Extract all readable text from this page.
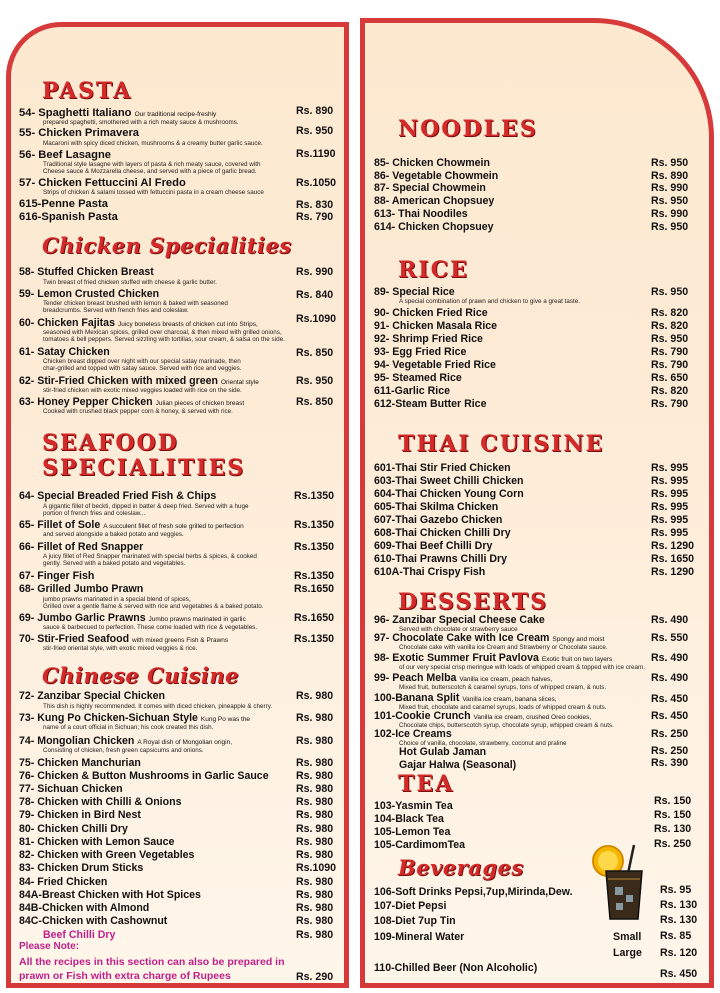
PASTA
54- Spaghetti Italiano Our traditional recipe-freshly
prepared spaghetti, smothered with a rich meaty sauce & mushrooms.
Rs. 890
55- Chicken Primavera
Macaroni with spicy diced chicken, mushrooms & a creamy butter garlic sauce.
Rs. 950
56- Beef Lasagne
Traditional style lasagne with layers of pasta & rich meaty sauce, covered with
Cheese sauce & Mozzarella cheese, and served with a piece of garlic bread.
Rs.1190
57- Chicken Fettuccini Al Fredo
Strips of chicken & salami tossed with fettuccini pasta in a cream cheese sauce
Rs.1050
615-Penne Pasta	Rs. 830
616-Spanish Pasta	Rs. 790
Chicken Specialities
58- Stuffed Chicken Breast
Twin breast of fried chicken stuffed with cheese & garlic butter.
Rs. 990
59- Lemon Crusted Chicken
Tender chicken breast brushed with lemon & baked with seasoned
breadcrumbs. Served with french fries and coleslaw.
Rs. 840
60- Chicken Fajitas Juicy boneless breasts of chicken cut into Strips,
seasoned with Mexican spices, grilled over charcoal, & then mixed with grilled onions,
tomatoes & bell peppers. Served sizzling with tortillas, sour cream, & salsa on the side.
Rs.1090
61- Satay Chicken
Chicken breast dipped over night with our special satay marinade, then
char-grilled and topped with satay sauce. Served with rice and veggies.
Rs. 850
62- Stir-Fried Chicken with mixed green Oriental style
stir-fried chicken with exotic mixed veggies loaded with rice on the side.
Rs. 950
63- Honey Pepper Chicken Julian pieces of chicken breast
Cooked with crushed black pepper corn & honey, & served with rice.
Rs. 850
SEAFOOD
SPECIALITIES
64- Special Breaded Fried Fish & Chips
A gigantic fillet of beckti, dipped in batter & deep fried. Served with a huge
portion of french fries and coleslaw...
Rs.1350
65- Fillet of Sole A succulent fillet of fresh sole grilled to perfection
and served alongside a baked potato and veggies.
Rs.1350
66- Fillet of Red Snapper
A juicy fillet of Red Snapper marinated with special herbs & spices, & cooked
gently. Served with a baked potato and vegetables.
Rs.1350
67- Finger Fish	Rs.1350
68- Grilled Jumbo Prawn
jumbo prawns marinated in a special blend of spices,
Grilled over a gentle flame & served with rice and vegetables & a baked potato.
Rs.1650
69- Jumbo Garlic Prawns Jumbo prawns marinated in garlic
sauce & barbecued to perfection. These come loaded with rice & vegetables.
Rs.1650
70- Stir-Fried Seafood with mixed greens Fish & Prawns
stir-fried oriental style, with exotic mixed veggies & rice.
Rs.1350
Chinese Cuisine
72- Zanzibar Special Chicken
This dish is highly recommended. It comes with diced chicken, pineapple & cherry.
Rs. 980
73- Kung Po Chicken-Sichuan Style Kung Po was the
name of a court official in Sichuan; his cook created this dish.
Rs. 980
74- Mongolian Chicken A Royal dish of Mongolian origin,
Consisting of chicken, fresh green capsicums and onions.
Rs. 980
75- Chicken Manchurian	Rs. 980
76- Chicken & Button Mushrooms in Garlic Sauce	Rs. 980
77- Sichuan Chicken	Rs. 980
78- Chicken with Chilli & Onions	Rs. 980
79- Chicken in Bird Nest	Rs. 980
80- Chicken Chilli Dry	Rs. 980
81- Chicken with Lemon Sauce	Rs. 980
82- Chicken with Green Vegetables	Rs. 980
83- Chicken Drum Sticks	Rs.1090
84- Fried Chicken	Rs. 980
84A-Breast Chicken with Hot Spices	Rs. 980
84B-Chicken with Almond	Rs. 980
84C-Chicken with Cashownut	Rs. 980
Beef Chilli Dry	Rs. 980
Please Note:
All the recipes in this section can also be prepared in
prawn or Fish with extra charge of Rupees	Rs. 290
NOODLES
85- Chicken Chowmein	Rs. 950
86- Vegetable Chowmein	Rs. 890
87- Special Chowmein	Rs. 990
88- American Chopsuey	Rs. 950
613- Thai Noodiles	Rs. 990
614- Chicken Chopsuey	Rs. 950
RICE
89- Special Rice
A special combination of prawn and chicken to give a great taste.
Rs. 950
90- Chicken Fried Rice	Rs. 820
91- Chicken Masala Rice	Rs. 820
92- Shrimp Fried Rice	Rs. 950
93- Egg Fried Rice	Rs. 790
94- Vegetable Fried Rice	Rs. 790
95- Steamed Rice	Rs. 650
611-Garlic Rice	Rs. 820
612-Steam Butter Rice	Rs. 790
THAI CUISINE
601-Thai Stir Fried Chicken	Rs. 995
603-Thai Sweet Chilli Chicken	Rs. 995
604-Thai Chicken Young Corn	Rs. 995
605-Thai Skilma Chicken	Rs. 995
607-Thai Gazebo Chicken	Rs. 995
608-Thai Chicken Chilli Dry	Rs. 995
609-Thai Beef Chilli Dry	Rs. 1290
610-Thai Prawns Chilli Dry	Rs. 1650
610A-Thai Crispy Fish	Rs. 1290
DESSERTS
96- Zanzibar Special Cheese Cake
Served with chocolate or strawberry sauce
Rs. 490
97- Chocolate Cake with Ice Cream Spongy and moist
Chocolate cake with vanilla ice Cream and Strawberry or Chocolate sauce.
Rs. 550
98- Exotic Summer Fruit Pavlova Exotic fruit on two layers
of our very special crisp meringue with loads of whipped cream & topped with ice cream.
Rs. 490
99- Peach Melba Vanilla ice cream, peach halves,
Mixed fruit, butterscotch & caramel syrups, tons of whipped cream, & nuts.
Rs. 490
100-Banana Split Vanilla ice cream, banana slices,
Mixed fruit, chocolate and caramel syrups, loads of whipped cream & nuts.
Rs. 450
101-Cookie Crunch Vanilla ice cream, crushed Oreo cookies,
Chocolate chips, butterscotch syrup, chocolate syrup, whipped cream & nuts.
Rs. 450
102-Ice Creams
Choice of vanilla, chocolate, strawberry, coconut and praline
Rs. 250
Hot Gulab Jaman	Rs. 250
Gajar Halwa (Seasonal)	Rs. 390
TEA
103-Yasmin Tea	Rs. 150
104-Black Tea	Rs. 150
105-Lemon Tea	Rs. 130
105-CardimomTea	Rs. 250
Beverages
106-Soft Drinks Pepsi,7up,Mirinda,Dew.	Rs. 95
107-Diet Pepsi	Rs. 130
108-Diet 7up Tin	Rs. 130
109-Mineral Water	Small Rs. 85
Large Rs. 120
110-Chilled Beer (Non Alcoholic)	Rs. 450
